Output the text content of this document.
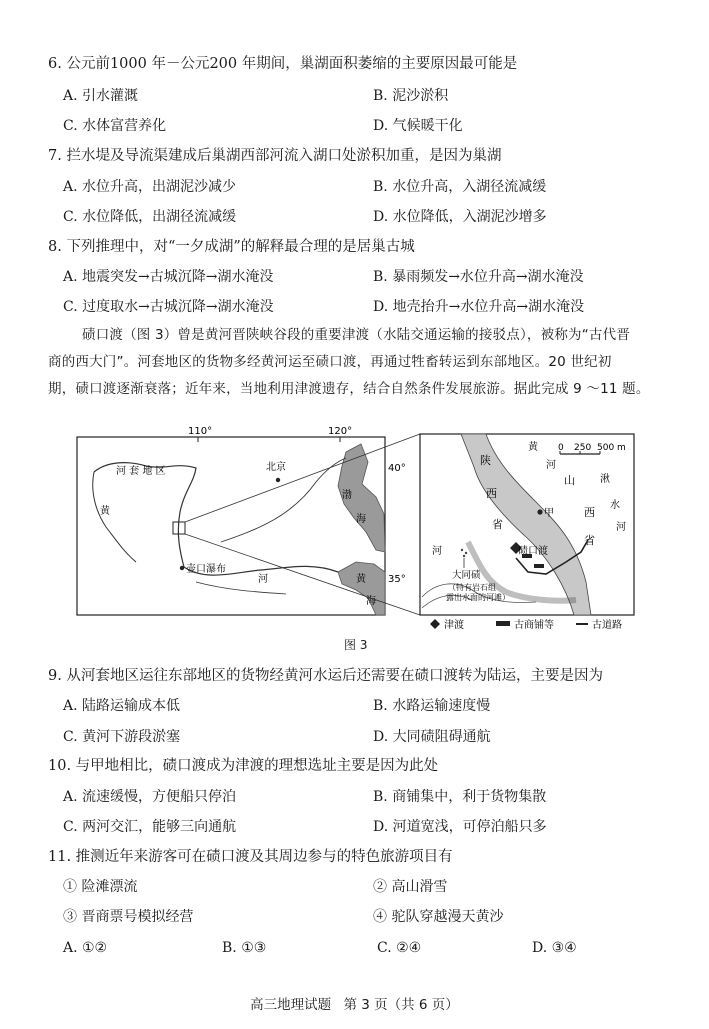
6. 公元前1000 年－公元200 年期间，巢湖面积萎缩的主要原因最可能是
A. 引水灌溉	B. 泥沙淤积
C. 水体富营养化	D. 气候暖干化
7. 拦水堤及导流渠建成后巢湖西部河流入湖口处淤积加重，是因为巢湖
A. 水位升高，出湖泥沙减少	B. 水位升高，入湖径流减缓
C. 水位降低，出湖径流减缓	D. 水位降低，入湖泥沙增多
8. 下列推理中，对“一夕成湖”的解释最合理的是居巢古城
A. 地震突发→古城沉降→湖水淹没	B. 暴雨频发→水位升高→湖水淹没
C. 过度取水→古城沉降→湖水淹没	D. 地壳抬升→水位升高→湖水淹没

碛口渡（图 3）曾是黄河晋陕峡谷段的重要津渡（水陆交通运输的接驳点），被称为“古代晋

商的西大门”。河套地区的货物多经黄河运至碛口渡，再通过牲畜转运到东部地区。20 世纪初

期，碛口渡逐渐衰落；近年来，当地利用津渡遗存，结合自然条件发展旅游。据此完成 9 ～11 题。

110°	120°
40°
35°
渤
海
黄
海
河 套 地 区
黄
河
北京
壶口瀑布
陕
西
省
山
西
省
黄
河
湫
水
河
河
甲
碛口渡
大同碛
（特有岩石组
露出水面的河滩）
0 250 500 m
津渡	古商铺等	古道路
图 3
9. 从河套地区运往东部地区的货物经黄河水运后还需要在碛口渡转为陆运，主要是因为
A. 陆路运输成本低	B. 水路运输速度慢
C. 黄河下游段淤塞	D. 大同碛阻碍通航
10. 与甲地相比，碛口渡成为津渡的理想选址主要是因为此处
A. 流速缓慢，方便船只停泊	B. 商铺集中，利于货物集散
C. 两河交汇，能够三向通航	D. 河道宽浅，可停泊船只多
11. 推测近年来游客可在碛口渡及其周边参与的特色旅游项目有
① 险滩漂流	② 高山滑雪
③ 晋商票号模拟经营	④ 驼队穿越漫天黄沙
A. ①②	B. ①③	C. ②④	D. ③④
高三地理试题 第 3 页（共 6 页）
